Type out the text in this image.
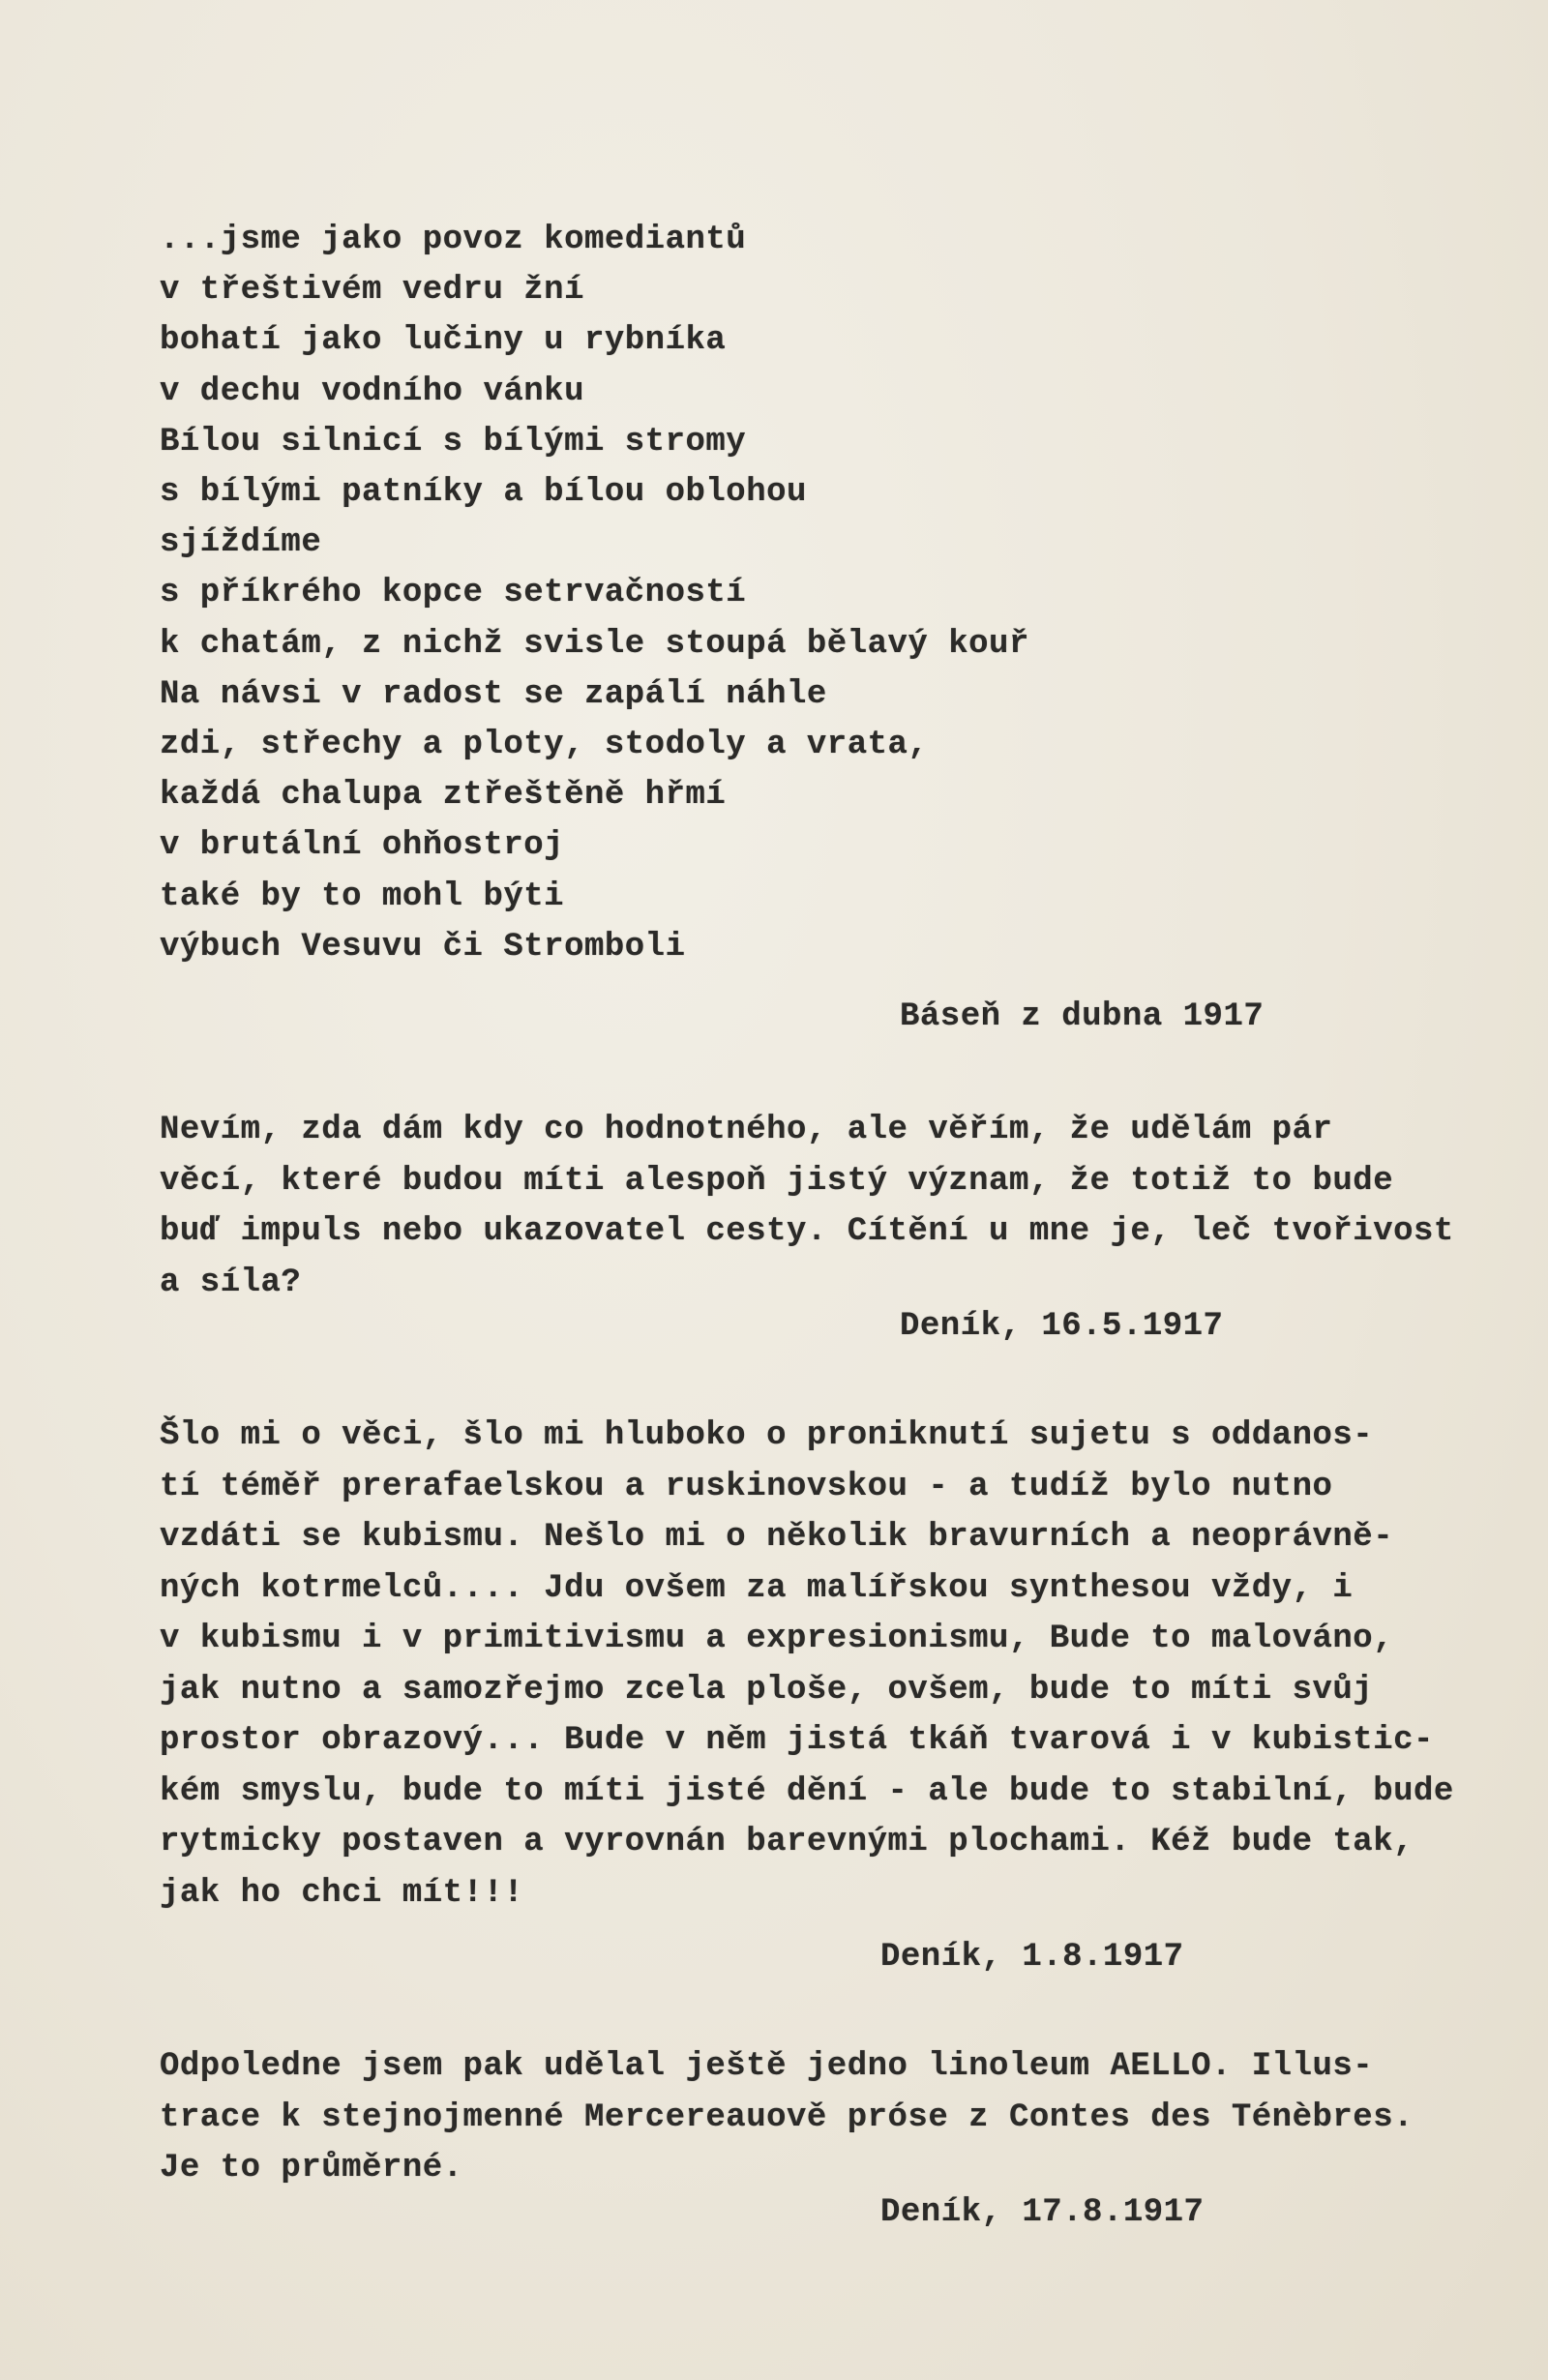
...jsme jako povoz komediantů
v třeštivém vedru žní
bohatí jako lučiny u rybníka
v dechu vodního vánku
Bílou silnicí s bílými stromy
s bílými patníky a bílou oblohou
sjíždíme
s příkrého kopce setrvačností
k chatám, z nichž svisle stoupá bělavý kouř
Na návsi v radost se zapálí náhle
zdi, střechy a ploty, stodoly a vrata,
každá chalupa ztřeštěně hřmí
v brutální ohňostroj
také by to mohl býti
výbuch Vesuvu či Stromboli
Báseň z dubna 1917
Nevím, zda dám kdy co hodnotného, ale věřím, že udělám pár
věcí, které budou míti alespoň jistý význam, že totiž to bude
buď impuls nebo ukazovatel cesty. Cítění u mne je, leč tvořivost
a síla?
Deník, 16.5.1917
Šlo mi o věci, šlo mi hluboko o proniknutí sujetu s oddanos-
tí téměř prerafaelskou a ruskinovskou - a tudíž bylo nutno
vzdáti se kubismu. Nešlo mi o několik bravurních a neoprávně-
ných kotrmelců.... Jdu ovšem za malířskou synthesou vždy, i
v kubismu i v primitivismu a expresionismu, Bude to malováno,
jak nutno a samozřejmo zcela ploše, ovšem, bude to míti svůj
prostor obrazový... Bude v něm jistá tkáň tvarová i v kubistic-
kém smyslu, bude to míti jisté dění - ale bude to stabilní, bude
rytmicky postaven a vyrovnán barevnými plochami. Kéž bude tak,
jak ho chci mít!!!
Deník, 1.8.1917
Odpoledne jsem pak udělal ještě jedno linoleum AELLO. Illus-
trace k stejnojmenné Mercereauově próse z Contes des Ténèbres.
Je to průměrné.
Deník, 17.8.1917
